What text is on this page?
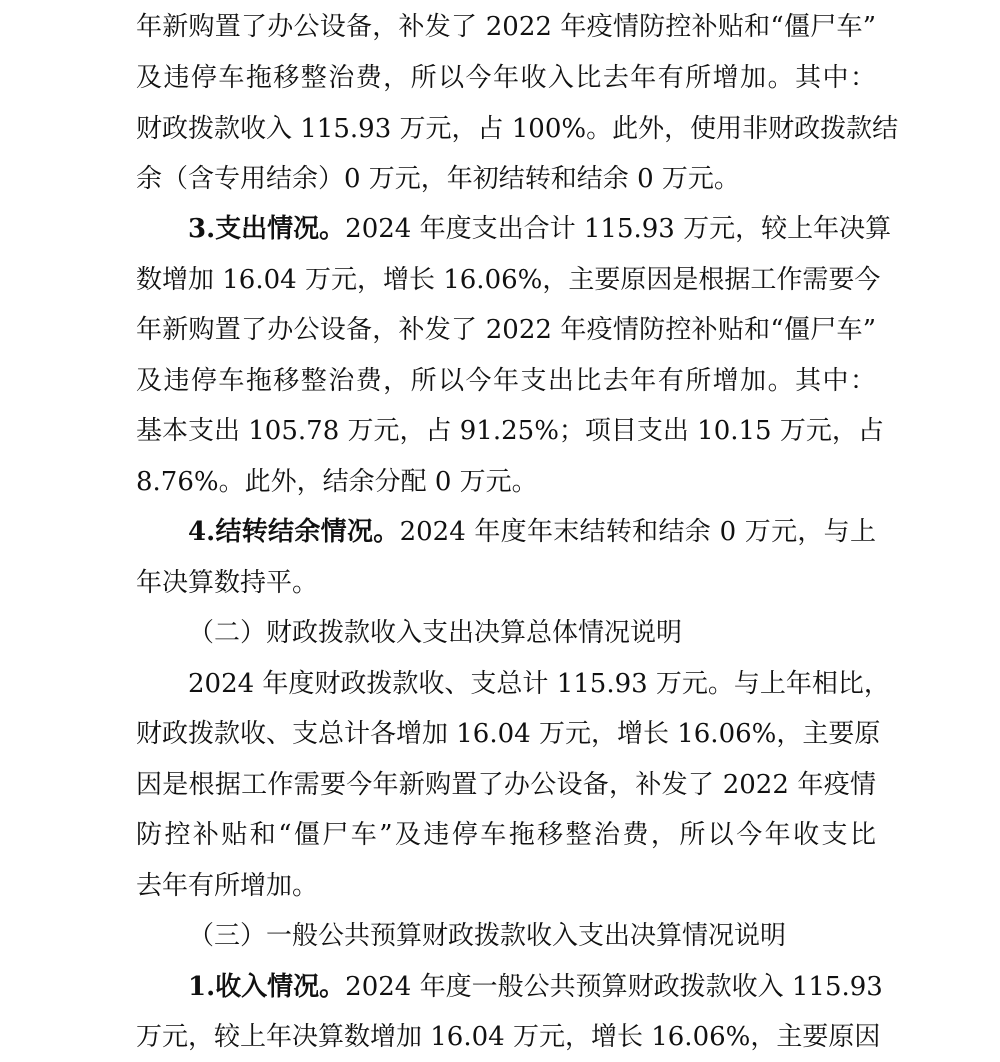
年新购置了办公设备，补发了 2022 年疫情防控补贴和“僵尸车”
及违停车拖移整治费，所以今年收入比去年有所增加。其中：
财政拨款收入 115.93 万元，占 100%。此外，使用非财政拨款结
余（含专用结余）0 万元，年初结转和结余 0 万元。
3.支出情况。2024 年度支出合计 115.93 万元，较上年决算
数增加 16.04 万元，增长 16.06%，主要原因是根据工作需要今
年新购置了办公设备，补发了 2022 年疫情防控补贴和“僵尸车”
及违停车拖移整治费，所以今年支出比去年有所增加。其中：
基本支出 105.78 万元，占 91.25%；项目支出 10.15 万元，占
8.76%。此外，结余分配 0 万元。
4.结转结余情况。2024 年度年末结转和结余 0 万元，与上
年决算数持平。
（二）财政拨款收入支出决算总体情况说明
2024 年度财政拨款收、支总计 115.93 万元。与上年相比，
财政拨款收、支总计各增加 16.04 万元，增长 16.06%，主要原
因是根据工作需要今年新购置了办公设备，补发了 2022 年疫情
防控补贴和“僵尸车”及违停车拖移整治费，所以今年收支比
去年有所增加。
（三）一般公共预算财政拨款收入支出决算情况说明
1.收入情况。2024 年度一般公共预算财政拨款收入 115.93
万元，较上年决算数增加 16.04 万元，增长 16.06%，主要原因
